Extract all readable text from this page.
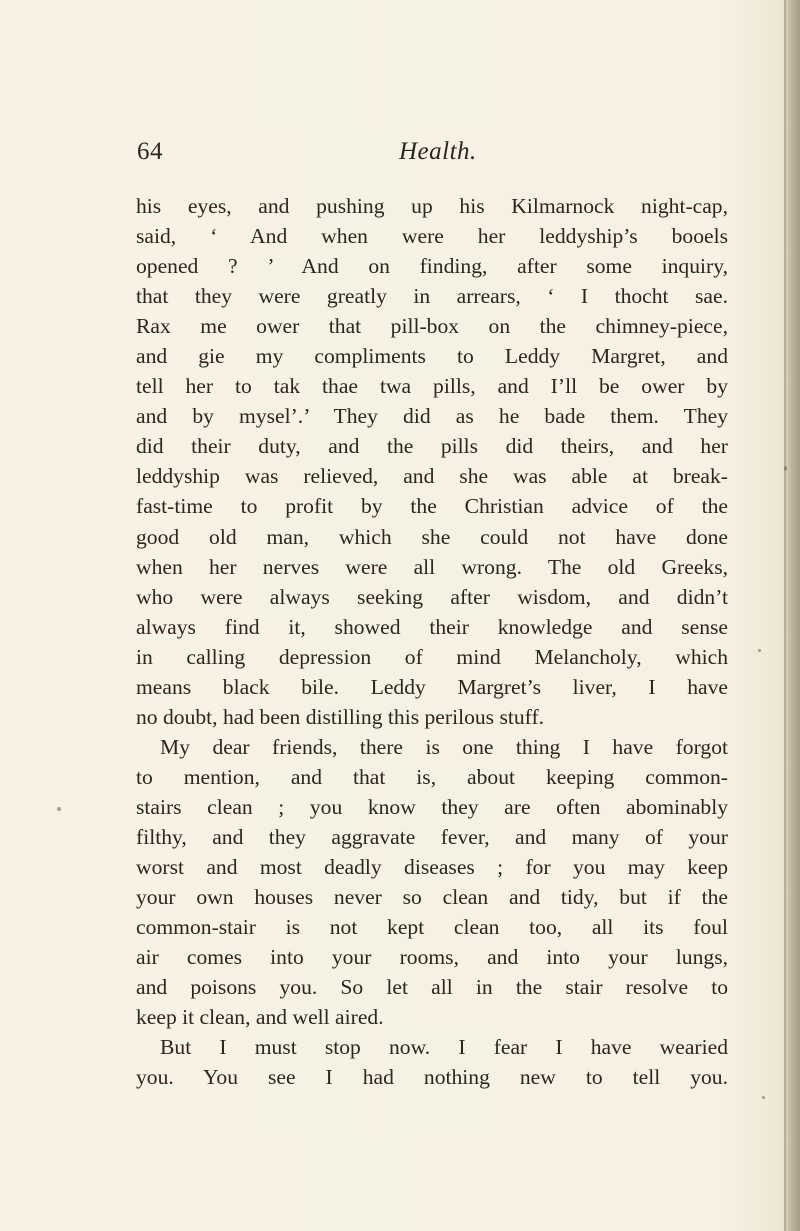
64	Health.
his eyes, and pushing up his Kilmarnock night-cap,
said, ‘ And when were her leddyship’s booels
opened ? ’ And on finding, after some inquiry,
that they were greatly in arrears, ‘ I thocht sae.
Rax me ower that pill-box on the chimney-piece,
and gie my compliments to Leddy Margret, and
tell her to tak thae twa pills, and I’ll be ower by
and by mysel’.’ They did as he bade them. They
did their duty, and the pills did theirs, and her
leddyship was relieved, and she was able at break-
fast-time to profit by the Christian advice of the
good old man, which she could not have done
when her nerves were all wrong. The old Greeks,
who were always seeking after wisdom, and didn’t
always find it, showed their knowledge and sense
in calling depression of mind Melancholy, which
means black bile. Leddy Margret’s liver, I have
no doubt, had been distilling this perilous stuff.
My dear friends, there is one thing I have forgot
to mention, and that is, about keeping common-
stairs clean ; you know they are often abominably
filthy, and they aggravate fever, and many of your
worst and most deadly diseases ; for you may keep
your own houses never so clean and tidy, but if the
common-stair is not kept clean too, all its foul
air comes into your rooms, and into your lungs,
and poisons you. So let all in the stair resolve to
keep it clean, and well aired.
But I must stop now. I fear I have wearied
you. You see I had nothing new to tell you.
